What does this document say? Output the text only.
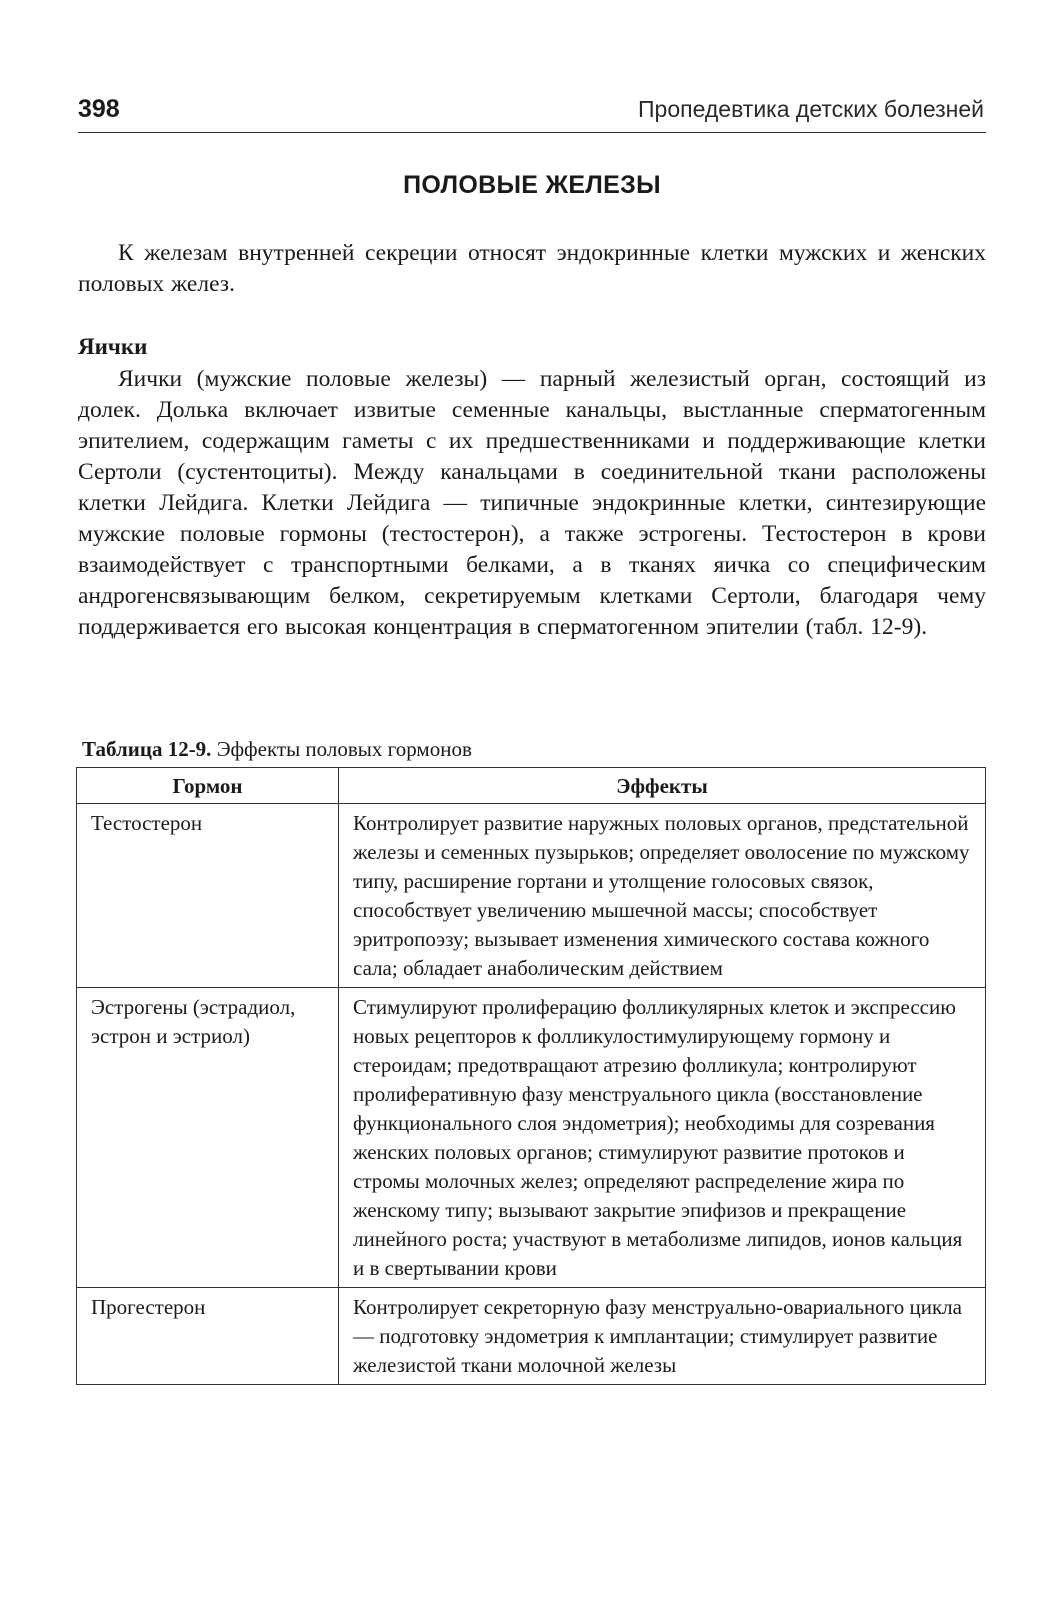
398	Пропедевтика детских болезней
ПОЛОВЫЕ ЖЕЛЕЗЫ

К железам внутренней секреции относят эндокринные клетки мужских и женских половых желез.

Яички

Яички (мужские половые железы) — парный железистый орган, состоящий из долек. Долька включает извитые семенные канальцы, выстланные сперматогенным эпителием, содержащим гаметы с их предшественниками и поддерживающие клетки Сертоли (сустентоциты). Между канальцами в соединительной ткани расположены клетки Лейдига. Клетки Лейдига — типичные эндокринные клетки, синтезирующие мужские половые гормоны (тестостерон), а также эстрогены. Тестостерон в крови взаимодействует с транспортными белками, а в тканях яичка со специфическим андрогенсвязывающим белком, секретируемым клетками Сертоли, благодаря чему поддерживается его высокая концентрация в сперматогенном эпителии (табл. 12-9).

Таблица 12-9. Эффекты половых гормонов
Гормон	Эффекты
Тестостерон	Контролирует развитие наружных половых органов, предстательной железы и семенных пузырьков; определяет оволосение по мужскому типу, расширение гортани и утолщение голосовых связок, способствует увеличению мышечной массы; способствует эритропоэзу; вызывает изменения химического состава кожного сала; обладает анаболическим действием
Эстрогены (эстрадиол, эстрон и эстриол)	Стимулируют пролиферацию фолликулярных клеток и экспрессию новых рецепторов к фолликулостимулирующему гормону и стероидам; предотвращают атрезию фолликула; контролируют пролиферативную фазу менструального цикла (восстановление функционального слоя эндометрия); необходимы для созревания женских половых органов; стимулируют развитие протоков и стромы молочных желез; определяют распределение жира по женскому типу; вызывают закрытие эпифизов и прекращение линейного роста; участвуют в метаболизме липидов, ионов кальция и в свертывании крови
Прогестерон	Контролирует секреторную фазу менструально-овариального цикла — подготовку эндометрия к имплантации; стимулирует развитие железистой ткани молочной железы
